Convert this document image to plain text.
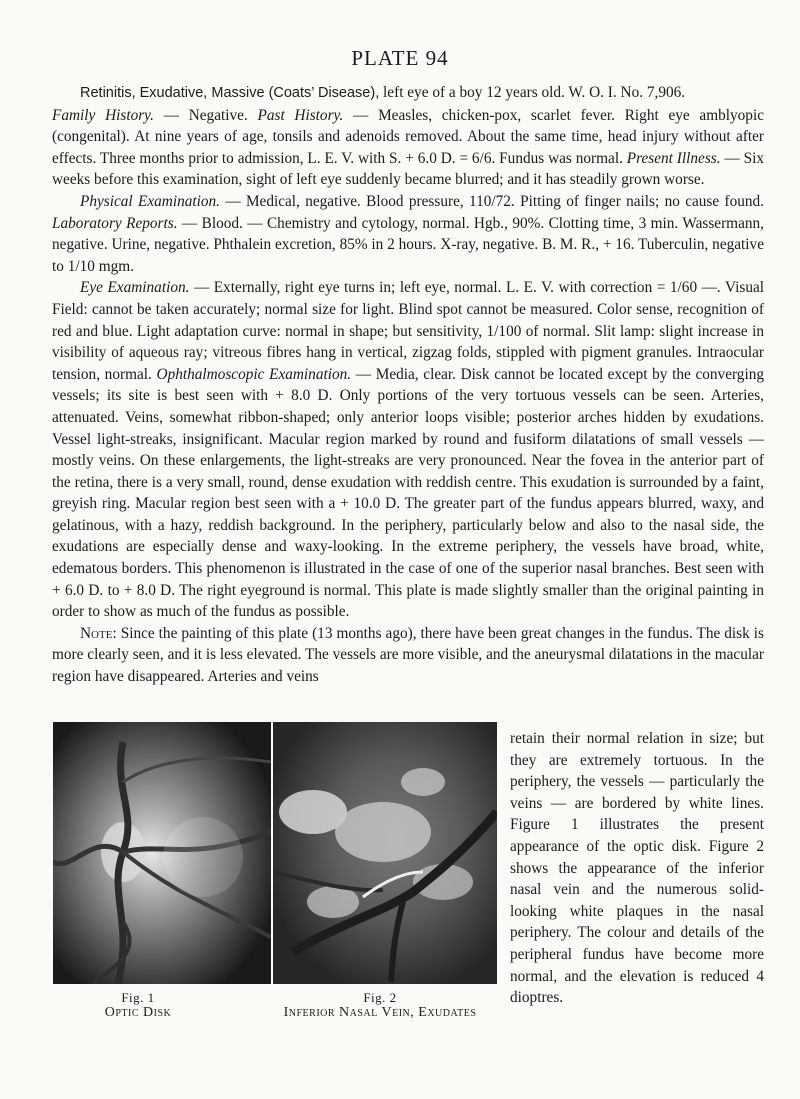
PLATE 94

Retinitis, Exudative, Massive (Coats’ Disease), left eye of a boy 12 years old. W. O. I. No. 7,906.
Family History. — Negative. Past History. — Measles, chicken-pox, scarlet fever. Right eye amblyopic (congenital). At nine years of age, tonsils and adenoids removed. About the same time, head injury without after effects. Three months prior to admission, L. E. V. with S. + 6.0 D. = 6/6. Fundus was normal. Present Illness. — Six weeks before this examination, sight of left eye suddenly became blurred; and it has steadily grown worse.

Physical Examination. — Medical, negative. Blood pressure, 110/72. Pitting of finger nails; no cause found. Laboratory Reports. — Blood. — Chemistry and cytology, normal. Hgb., 90%. Clotting time, 3 min. Wassermann, negative. Urine, negative. Phthalein excretion, 85% in 2 hours. X-ray, negative. B. M. R., + 16. Tuberculin, negative to 1/10 mgm.

Eye Examination. — Externally, right eye turns in; left eye, normal. L. E. V. with correction = 1/60 —. Visual Field: cannot be taken accurately; normal size for light. Blind spot cannot be measured. Color sense, recognition of red and blue. Light adaptation curve: normal in shape; but sensitivity, 1/100 of normal. Slit lamp: slight increase in visibility of aqueous ray; vitreous fibres hang in vertical, zigzag folds, stippled with pigment granules. Intraocular tension, normal. Ophthalmoscopic Examination. — Media, clear. Disk cannot be located except by the converging vessels; its site is best seen with + 8.0 D. Only portions of the very tortuous vessels can be seen. Arteries, attenuated. Veins, somewhat ribbon-shaped; only anterior loops visible; posterior arches hidden by exudations. Vessel light-streaks, insignificant. Macular region marked by round and fusiform dilatations of small vessels — mostly veins. On these enlargements, the light-streaks are very pronounced. Near the fovea in the anterior part of the retina, there is a very small, round, dense exudation with reddish centre. This exudation is surrounded by a faint, greyish ring. Macular region best seen with a + 10.0 D. The greater part of the fundus appears blurred, waxy, and gelatinous, with a hazy, reddish background. In the periphery, particularly below and also to the nasal side, the exudations are especially dense and waxy-looking. In the extreme periphery, the vessels have broad, white, edematous borders. This phenomenon is illustrated in the case of one of the superior nasal branches. Best seen with + 6.0 D. to + 8.0 D. The right eyeground is normal. This plate is made slightly smaller than the original painting in order to show as much of the fundus as possible.

Note: Since the painting of this plate (13 months ago), there have been great changes in the fundus. The disk is more clearly seen, and it is less elevated. The vessels are more visible, and the aneurysmal dilatations in the macular region have disappeared. Arteries and veins

Fig. 1
Optic Disk
Fig. 2
Inferior Nasal Vein, Exudates
retain their normal relation in size; but they are extremely tortuous. In the periphery, the vessels — particularly the veins — are bordered by white lines. Figure 1 illustrates the present appearance of the optic disk. Figure 2 shows the appearance of the inferior nasal vein and the numerous solid-looking white plaques in the nasal periphery. The colour and details of the peripheral fundus have become more normal, and the elevation is reduced 4 dioptres.
